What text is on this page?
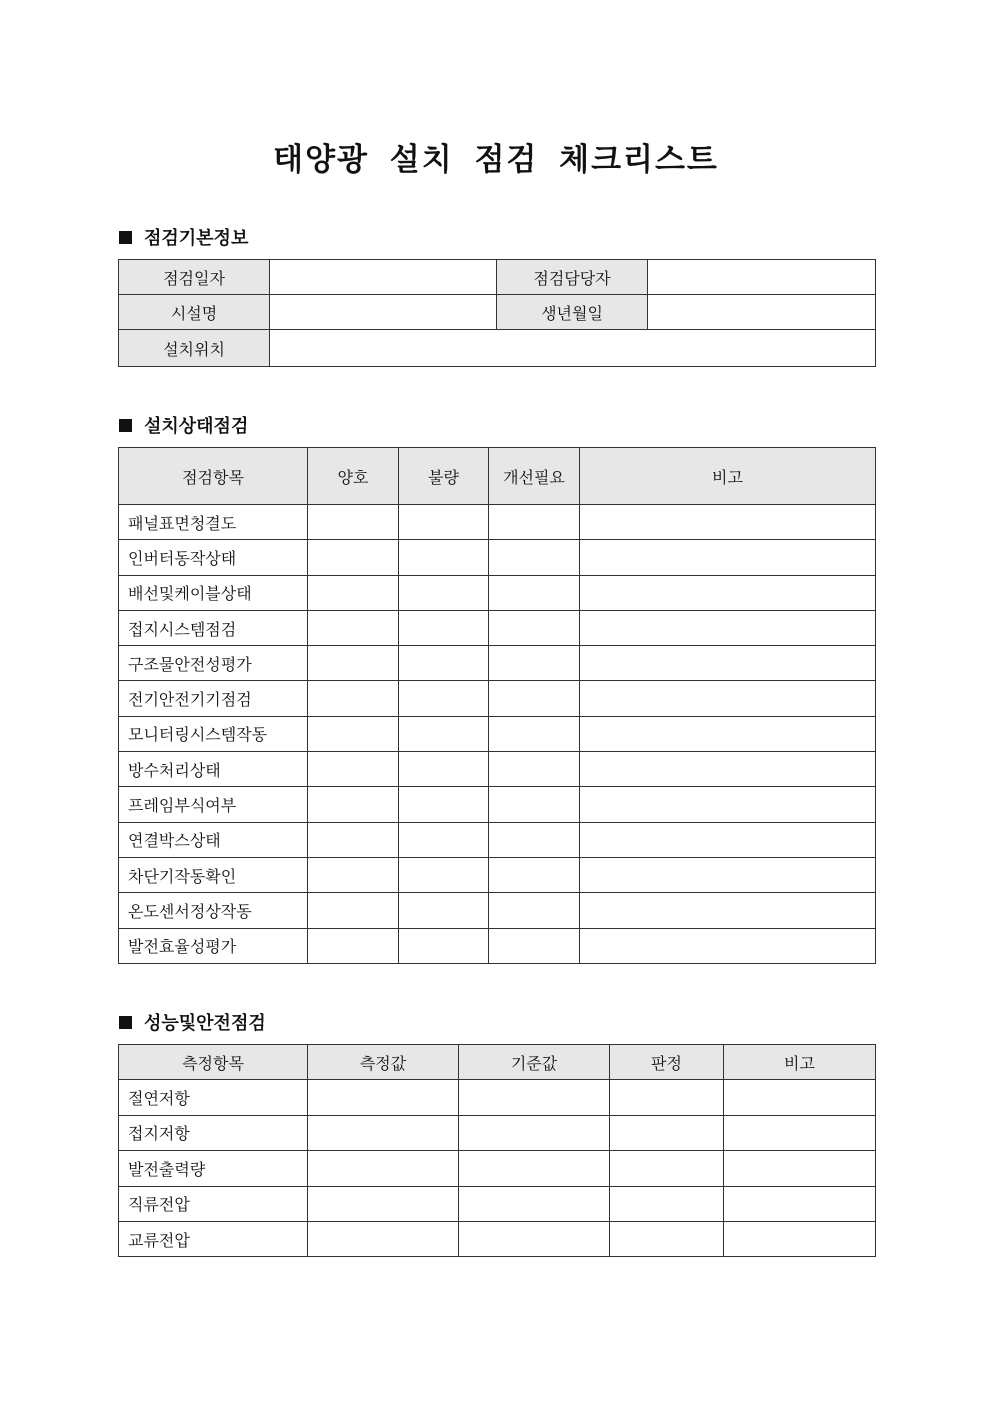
태양광 설치 점검 체크리스트
점검기본정보
점검일자		점검담당자	
시설명		생년월일	
설치위치			
설치상태점검
점검항목	양호	불량	개선필요	비고
패널표면청결도				
인버터동작상태				
배선및케이블상태				
접지시스템점검				
구조물안전성평가				
전기안전기기점검				
모니터링시스템작동				
방수처리상태				
프레임부식여부				
연결박스상태				
차단기작동확인				
온도센서정상작동				
발전효율성평가				
성능및안전점검
측정항목	측정값	기준값	판정	비고
절연저항				
접지저항				
발전출력량				
직류전압				
교류전압				
